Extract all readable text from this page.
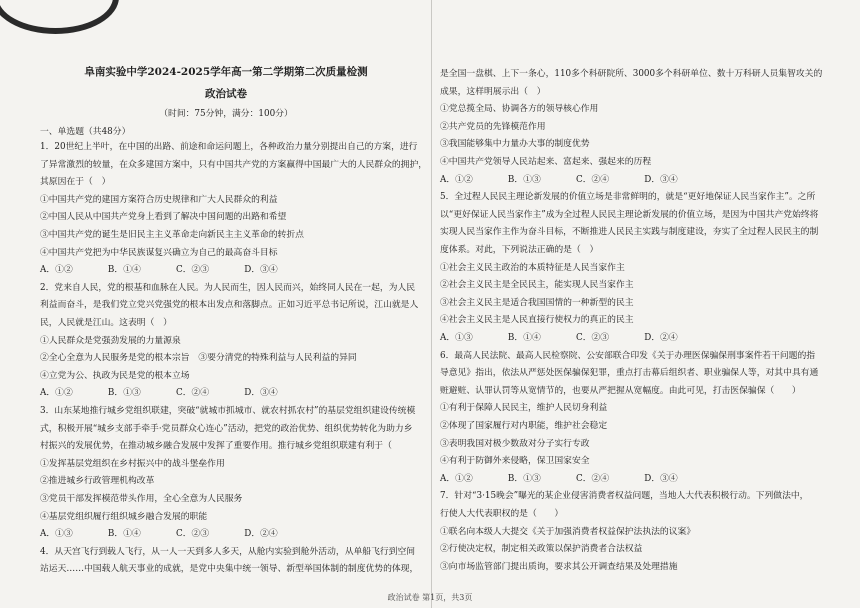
阜南实验中学2024-2025学年高一第二学期第二次质量检测
政治试卷
（时间：75分钟，满分：100分）
一、单选题（共48分）
1．20世纪上半叶，在中国的出路、前途和命运问题上，各种政治力量分别提出自己的方案，进行
了异常激烈的较量，在众多建国方案中，只有中国共产党的方案赢得中国最广大的人民群众的拥护，
其原因在于（　）
①中国共产党的建国方案符合历史规律和广大人民群众的利益
②中国人民从中国共产党身上看到了解决中国问题的出路和希望
③中国共产党的诞生是旧民主主义革命走向新民主主义革命的转折点
④中国共产党把为中华民族谋复兴确立为自己的最高奋斗目标
A．①②　　　　B．①④　　　　C．②③　　　　D．③④
2．党来自人民，党的根基和血脉在人民。为人民而生，因人民而兴，始终同人民在一起，为人民
利益而奋斗，是我们党立党兴党强党的根本出发点和落脚点。正如习近平总书记所说，江山就是人
民，人民就是江山。这表明（　）
①人民群众是党强劲发展的力量源泉
②全心全意为人民服务是党的根本宗旨　③要分清党的特殊利益与人民利益的异同
④立党为公、执政为民是党的根本立场
A．①②　　　　B．①③　　　　C．②④　　　　D．③④
3．山东某地推行城乡党组织联建，突破“就城市抓城市、就农村抓农村”的基层党组织建设传统模
式，积极开展“城乡支部手牵手·党员群众心连心”活动，把党的政治优势、组织优势转化为助力乡
村振兴的发展优势，在推动城乡融合发展中发挥了重要作用。推行城乡党组织联建有利于（
①发挥基层党组织在乡村振兴中的战斗堡垒作用
②推进城乡行政管理机构改革
③党员干部发挥模范带头作用，全心全意为人民服务
④基层党组织履行组织城乡融合发展的职能
A．①③　　　　B．①④　　　　C．②③　　　　D．②④
4．从天宫飞行到载人飞行，从一人一天到多人多天，从舱内实验到舱外活动，从单船飞行到空间
站运天……中国载人航天事业的成就，是党中央集中统一领导、新型举国体制的制度优势的体现，
是全国一盘棋、上下一条心，110多个科研院所、3000多个科研单位、数十万科研人员集智攻关的
成果，这样明展示出（　）
①党总揽全局、协调各方的领导核心作用
②共产党员的先锋模范作用
③我国能够集中力量办大事的制度优势
④中国共产党领导人民站起来、富起来、强起来的历程
A．①②　　　　B．①③　　　　C．②④　　　　D．③④
5．全过程人民民主理论新发展的价值立场是非常鲜明的，就是“更好地保证人民当家作主”。之所
以“更好保证人民当家作主”成为全过程人民民主理论新发展的价值立场，是因为中国共产党始终将
实现人民当家作主作为奋斗目标，不断推进人民民主实践与制度建设，夯实了全过程人民民主的制
度体系。对此，下列说法正确的是（　）
①社会主义民主政治的本质特征是人民当家作主
②社会主义民主是全民民主，能实现人民当家作主
③社会主义民主是适合我国国情的一种新型的民主
④社会主义民主是人民直接行使权力的真正的民主
A．①③　　　　B．①④　　　　C．②③　　　　D．②④
6．最高人民法院、最高人民检察院、公安部联合印发《关于办理医保骗保刑事案件若干问题的指
导意见》指出，依法从严惩处医保骗保犯罪，重点打击幕后组织者、职业骗保人等，对其中具有通
赃避赃、认罪认罚等从宽情节的，也要从严把握从宽幅度。由此可见，打击医保骗保（　　）
①有利于保障人民民主，维护人民切身利益
②体现了国家履行对内职能，维护社会稳定
③表明我国对极少数敌对分子实行专政
④有利于防御外来侵略，保卫国家安全
A．①②　　　　B．①③　　　　C．②④　　　　D．③④
7．针对“3·15晚会”曝光的某企业侵害消费者权益问题，当地人大代表积极行动。下列做法中，
行使人大代表职权的是（　　）
①联名向本级人大提交《关于加强消费者权益保护法执法的议案》
②行使决定权，制定相关政策以保护消费者合法权益
③向市场监管部门提出质询，要求其公开调查结果及处理措施
政治试卷 第1页，共3页
